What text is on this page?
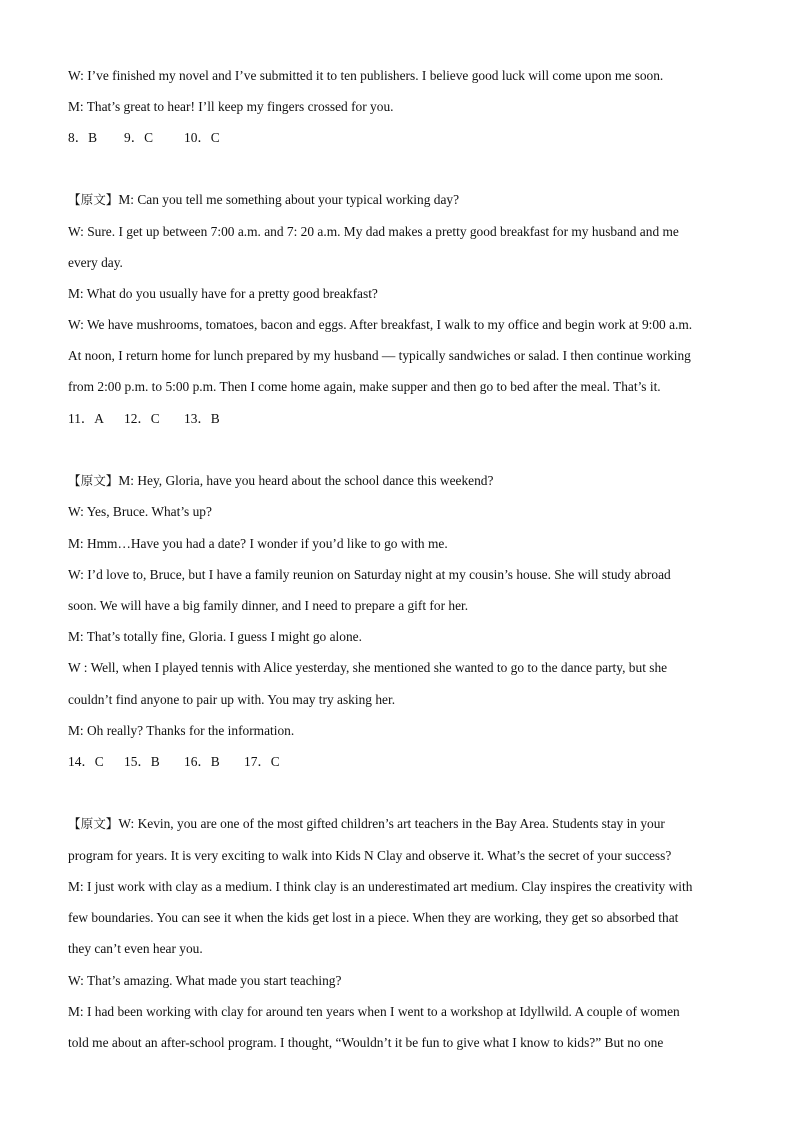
W: I’ve finished my novel and I’ve submitted it to ten publishers. I believe good luck will come upon me soon.
M: That’s great to hear! I’ll keep my fingers crossed for you.
8．B 9．C 10．C
【原文】M: Can you tell me something about your typical working day?
W: Sure. I get up between 7:00 a.m. and 7: 20 a.m. My dad makes a pretty good breakfast for my husband and me
every day.
M: What do you usually have for a pretty good breakfast?
W: We have mushrooms, tomatoes, bacon and eggs. After breakfast, I walk to my office and begin work at 9:00 a.m.
At noon, I return home for lunch prepared by my husband — typically sandwiches or salad. I then continue working
from 2:00 p.m. to 5:00 p.m. Then I come home again, make supper and then go to bed after the meal. That’s it.
11．A 12．C 13．B
【原文】M: Hey, Gloria, have you heard about the school dance this weekend?
W: Yes, Bruce. What’s up?
M: Hmm…Have you had a date? I wonder if you’d like to go with me.
W: I’d love to, Bruce, but I have a family reunion on Saturday night at my cousin’s house. She will study abroad
soon. We will have a big family dinner, and I need to prepare a gift for her.
M: That’s totally fine, Gloria. I guess I might go alone.
W : Well, when I played tennis with Alice yesterday, she mentioned she wanted to go to the dance party, but she
couldn’t find anyone to pair up with. You may try asking her.
M: Oh really? Thanks for the information.
14．C 15．B 16．B 17．C
【原文】W: Kevin, you are one of the most gifted children’s art teachers in the Bay Area. Students stay in your
program for years. It is very exciting to walk into Kids N Clay and observe it. What’s the secret of your success?
M: I just work with clay as a medium. I think clay is an underestimated art medium. Clay inspires the creativity with
few boundaries. You can see it when the kids get lost in a piece. When they are working, they get so absorbed that
they can’t even hear you.
W: That’s amazing. What made you start teaching?
M: I had been working with clay for around ten years when I went to a workshop at Idyllwild. A couple of women
told me about an after-school program. I thought, “Wouldn’t it be fun to give what I know to kids?” But no one
